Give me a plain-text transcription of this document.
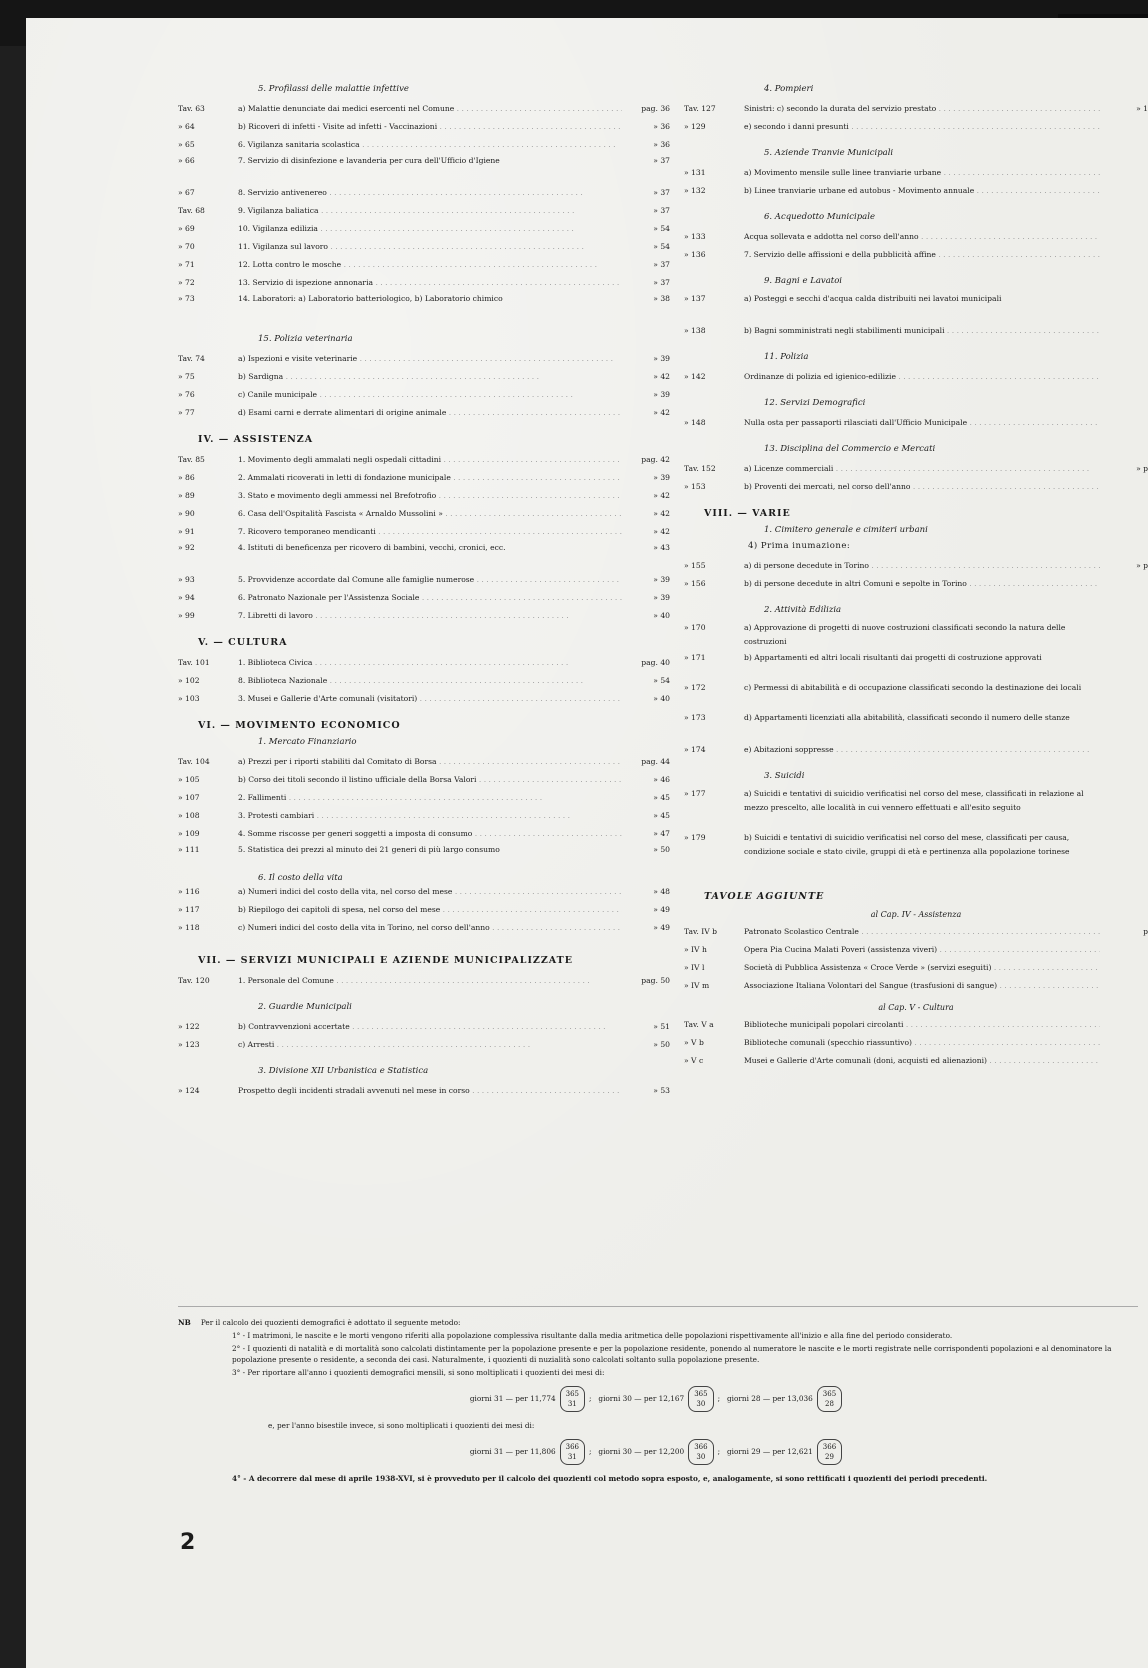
5. Profilassi delle malattie infettive
Tav. 63	a) Malattie denunciate dai medici esercenti nel Comune . . .	pag. 36
» 64	b) Ricoveri di infetti - Visite ad infetti - Vaccinazioni . . .	» 36
» 65	6. Vigilanza sanitaria scolastica . . .	» 36
» 66	7. Servizio di disinfezione e lavanderia per cura dell'Ufficio d'Igiene	» 37
» 67	8. Servizio antivenereo . . .	» 37
Tav. 68	9. Vigilanza baliatica . . .	» 37
» 69	10. Vigilanza edilizia . . .	» 54
» 70	11. Vigilanza sul lavoro . . .	» 54
» 71	12. Lotta contro le mosche . . .	» 37
» 72	13. Servizio di ispezione annonaria . . .	» 37
» 73	14. Laboratori: a) Laboratorio batteriologico, b) Laboratorio chimico	» 38
15. Polizia veterinaria
Tav. 74	a) Ispezioni e visite veterinarie . . .	» 39
» 75	b) Sardigna . . .	» 42
» 76	c) Canile municipale . . .	» 39
» 77	d) Esami carni e derrate alimentari di origine animale . . .	» 42
IV. — ASSISTENZA
Tav. 85	1. Movimento degli ammalati negli ospedali cittadini . . .	pag. 42
» 86	2. Ammalati ricoverati in letti di fondazione municipale . . .	» 39
» 89	3. Stato e movimento degli ammessi nel Brefotrofio . . .	» 42
» 90	6. Casa dell'Ospitalità Fascista « Arnaldo Mussolini » . . .	» 42
» 91	7. Ricovero temporaneo mendicanti . . .	» 42
» 92	4. Istituti di beneficenza per ricovero di bambini, vecchi, cronici, ecc.	» 43
» 93	5. Provvidenze accordate dal Comune alle famiglie numerose . . .	» 39
» 94	6. Patronato Nazionale per l'Assistenza Sociale . . .	» 39
» 99	7. Libretti di lavoro . . .	» 40
V. — CULTURA
Tav. 101	1. Biblioteca Civica . . .	pag. 40
» 102	8. Biblioteca Nazionale . . .	» 54
» 103	3. Musei e Gallerie d'Arte comunali (visitatori) . . .	» 40
VI. — MOVIMENTO ECONOMICO
1. Mercato Finanziario
Tav. 104	a) Prezzi per i riporti stabiliti dal Comitato di Borsa . . .	pag. 44
» 105	b) Corso dei titoli secondo il listino ufficiale della Borsa Valori . . .	» 46
» 107	2. Fallimenti . . .	» 45
» 108	3. Protesti cambiari . . .	» 45
» 109	4. Somme riscosse per generi soggetti a imposta di consumo . . .	» 47
» 111	5. Statistica dei prezzi al minuto dei 21 generi di più largo consumo	» 50
6. Il costo della vita
» 116	a) Numeri indici del costo della vita, nel corso del mese . . .	» 48
» 117	b) Riepilogo dei capitoli di spesa, nel corso del mese . . .	» 49
» 118	c) Numeri indici del costo della vita in Torino, nel corso dell'anno . . .	» 49
VII. — SERVIZI MUNICIPALI E AZIENDE MUNICIPALIZZATE
Tav. 120	1. Personale del Comune . . .	pag. 50
2. Guardie Municipali
» 122	b) Contravvenzioni accertate . . .	» 51
» 123	c) Arresti . . .	» 50
3. Divisione XII Urbanistica e Statistica
» 124	Prospetto degli incidenti stradali avvenuti nel mese in corso . . .	» 53
4. Pompieri
Tav. 127	Sinistri: c) secondo la durata del servizio prestato . . .	» 1
» 129	e) secondo i danni presunti . . .
5. Aziende Tranvie Municipali
» 131	a) Movimento mensile sulle linee tranviarie urbane . . .
» 132	b) Linee tranviarie urbane ed autobus - Movimento annuale . . .
6. Acquedotto Municipale
» 133	Acqua sollevata e addotta nel corso dell'anno . . .
» 136	7. Servizio delle affissioni e della pubblicità affine . . .
9. Bagni e Lavatoi
» 137	a) Posteggi e secchi d'acqua calda distribuiti nei lavatoi municipali
» 138	b) Bagni somministrati negli stabilimenti municipali . . .
11. Polizia
» 142	Ordinanze di polizia ed igienico-edilizie . . .
12. Servizi Demografici
» 148	Nulla osta per passaporti rilasciati dall'Ufficio Municipale . . .
13. Disciplina del Commercio e Mercati
Tav. 152	a) Licenze commerciali . . .	» p
» 153	b) Proventi dei mercati, nel corso dell'anno . . .
VIII. — VARIE
1. Cimitero generale e cimiteri urbani
4) Prima inumazione:
» 155	a) di persone decedute in Torino . . .	» p
» 156	b) di persone decedute in altri Comuni e sepolte in Torino . . .
2. Attività Edilizia
» 170	a) Approvazione di progetti di nuove costruzioni classificati secondo la natura delle costruzioni
» 171	b) Appartamenti ed altri locali risultanti dai progetti di costruzione approvati
» 172	c) Permessi di abitabilità e di occupazione classificati secondo la destinazione dei locali
» 173	d) Appartamenti licenziati alla abitabilità, classificati secondo il numero delle stanze
» 174	e) Abitazioni soppresse . . .
3. Suicidi
» 177	a) Suicidi e tentativi di suicidio verificatisi nel corso del mese, classificati in relazione al mezzo prescelto, alle località in cui vennero effettuati e all'esito seguito
» 179	b) Suicidi e tentativi di suicidio verificatisi nel corso del mese, classificati per causa, condizione sociale e stato civile, gruppi di età e pertinenza alla popolazione torinese
TAVOLE AGGIUNTE
al Cap. IV - Assistenza
Tav. IV b	Patronato Scolastico Centrale . . .	p
» IV h	Opera Pia Cucina Malati Poveri (assistenza viveri) . . .
» IV l	Società di Pubblica Assistenza « Croce Verde » (servizi eseguiti) . . .
» IV m	Associazione Italiana Volontari del Sangue (trasfusioni di sangue) . . .
al Cap. V - Cultura
Tav. V a	Biblioteche municipali popolari circolanti . . .
» V b	Biblioteche comunali (specchio riassuntivo) . . .
» V c	Musei e Gallerie d'Arte comunali (doni, acquisti ed alienazioni) . . .
NB Per il calcolo dei quozienti demografici è adottato il seguente metodo:
1° - I matrimoni, le nascite e le morti vengono riferiti alla popolazione complessiva risultante dalla media aritmetica delle popolazioni rispettivamente all'inizio e alla fine del periodo considerato.
2° - I quozienti di natalità e di mortalità sono calcolati distintamente per la popolazione presente e per la popolazione residente, ponendo al numeratore le nascite e le morti registrate nelle corrispondenti popolazioni e al denominatore la popolazione presente o residente, a seconda dei casi. Naturalmente, i quozienti di nuzialità sono calcolati soltanto sulla popolazione presente.
3° - Per riportare all'anno i quozienti demografici mensili, si sono moltiplicati i quozienti dei mesi di:
giorni 31 — per 11,774 365
31;   giorni 30 — per 12,167 365
30;   giorni 28 — per 13,036 365
28
e, per l'anno bisestile invece, si sono moltiplicati i quozienti dei mesi di:
giorni 31 — per 11,806 366
31;   giorni 30 — per 12,200 366
30;   giorni 29 — per 12,621 366
29
4° - A decorrere dal mese di aprile 1938-XVI, si è provveduto per il calcolo dei quozienti col metodo sopra esposto, e, analogamente, si sono rettificati i quozienti dei periodi precedenti.
2
